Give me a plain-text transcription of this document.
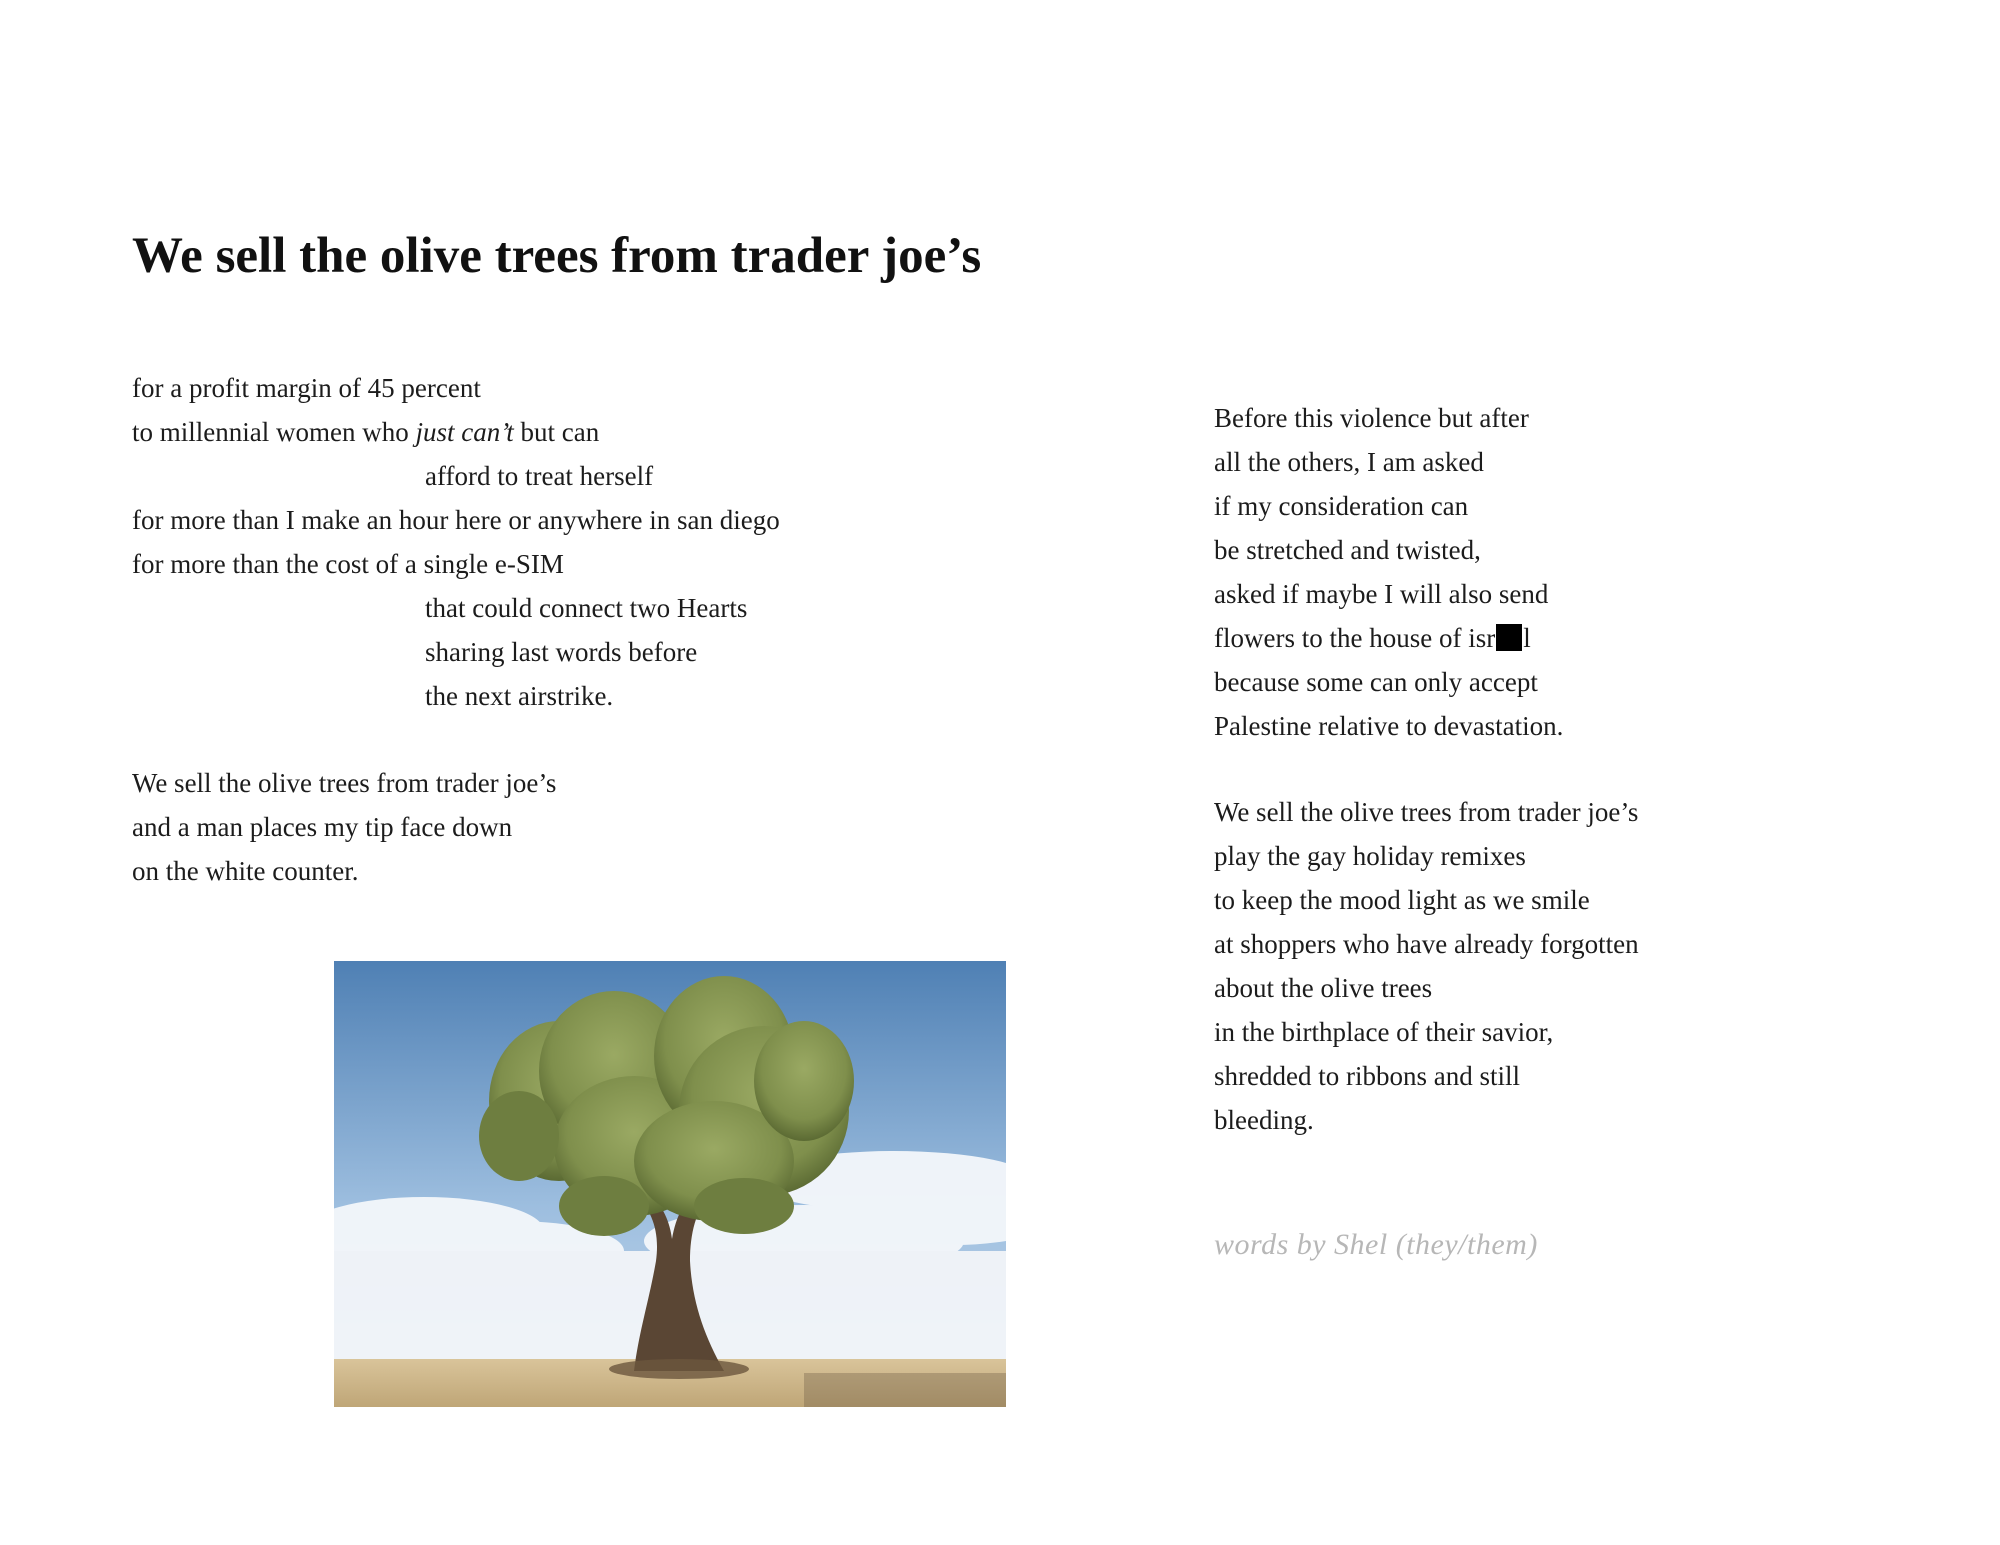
We sell the olive trees from trader joe’s
for a profit margin of 45 percent
to millennial women who just can’t but can
afford to treat herself
for more than I make an hour here or anywhere in san diego
for more than the cost of a single e-SIM
that could connect two Hearts
sharing last words before
the next airstrike.
We sell the olive trees from trader joe’s
and a man places my tip face down
on the white counter.
Before this violence but after
all the others, I am asked
if my consideration can
be stretched and twisted,
asked if maybe I will also send
flowers to the house of isr l
because some can only accept
Palestine relative to devastation.
We sell the olive trees from trader joe’s
play the gay holiday remixes
to keep the mood light as we smile
at shoppers who have already forgotten
about the olive trees
in the birthplace of their savior,
shredded to ribbons and still
bleeding.

words by Shel (they/them)
